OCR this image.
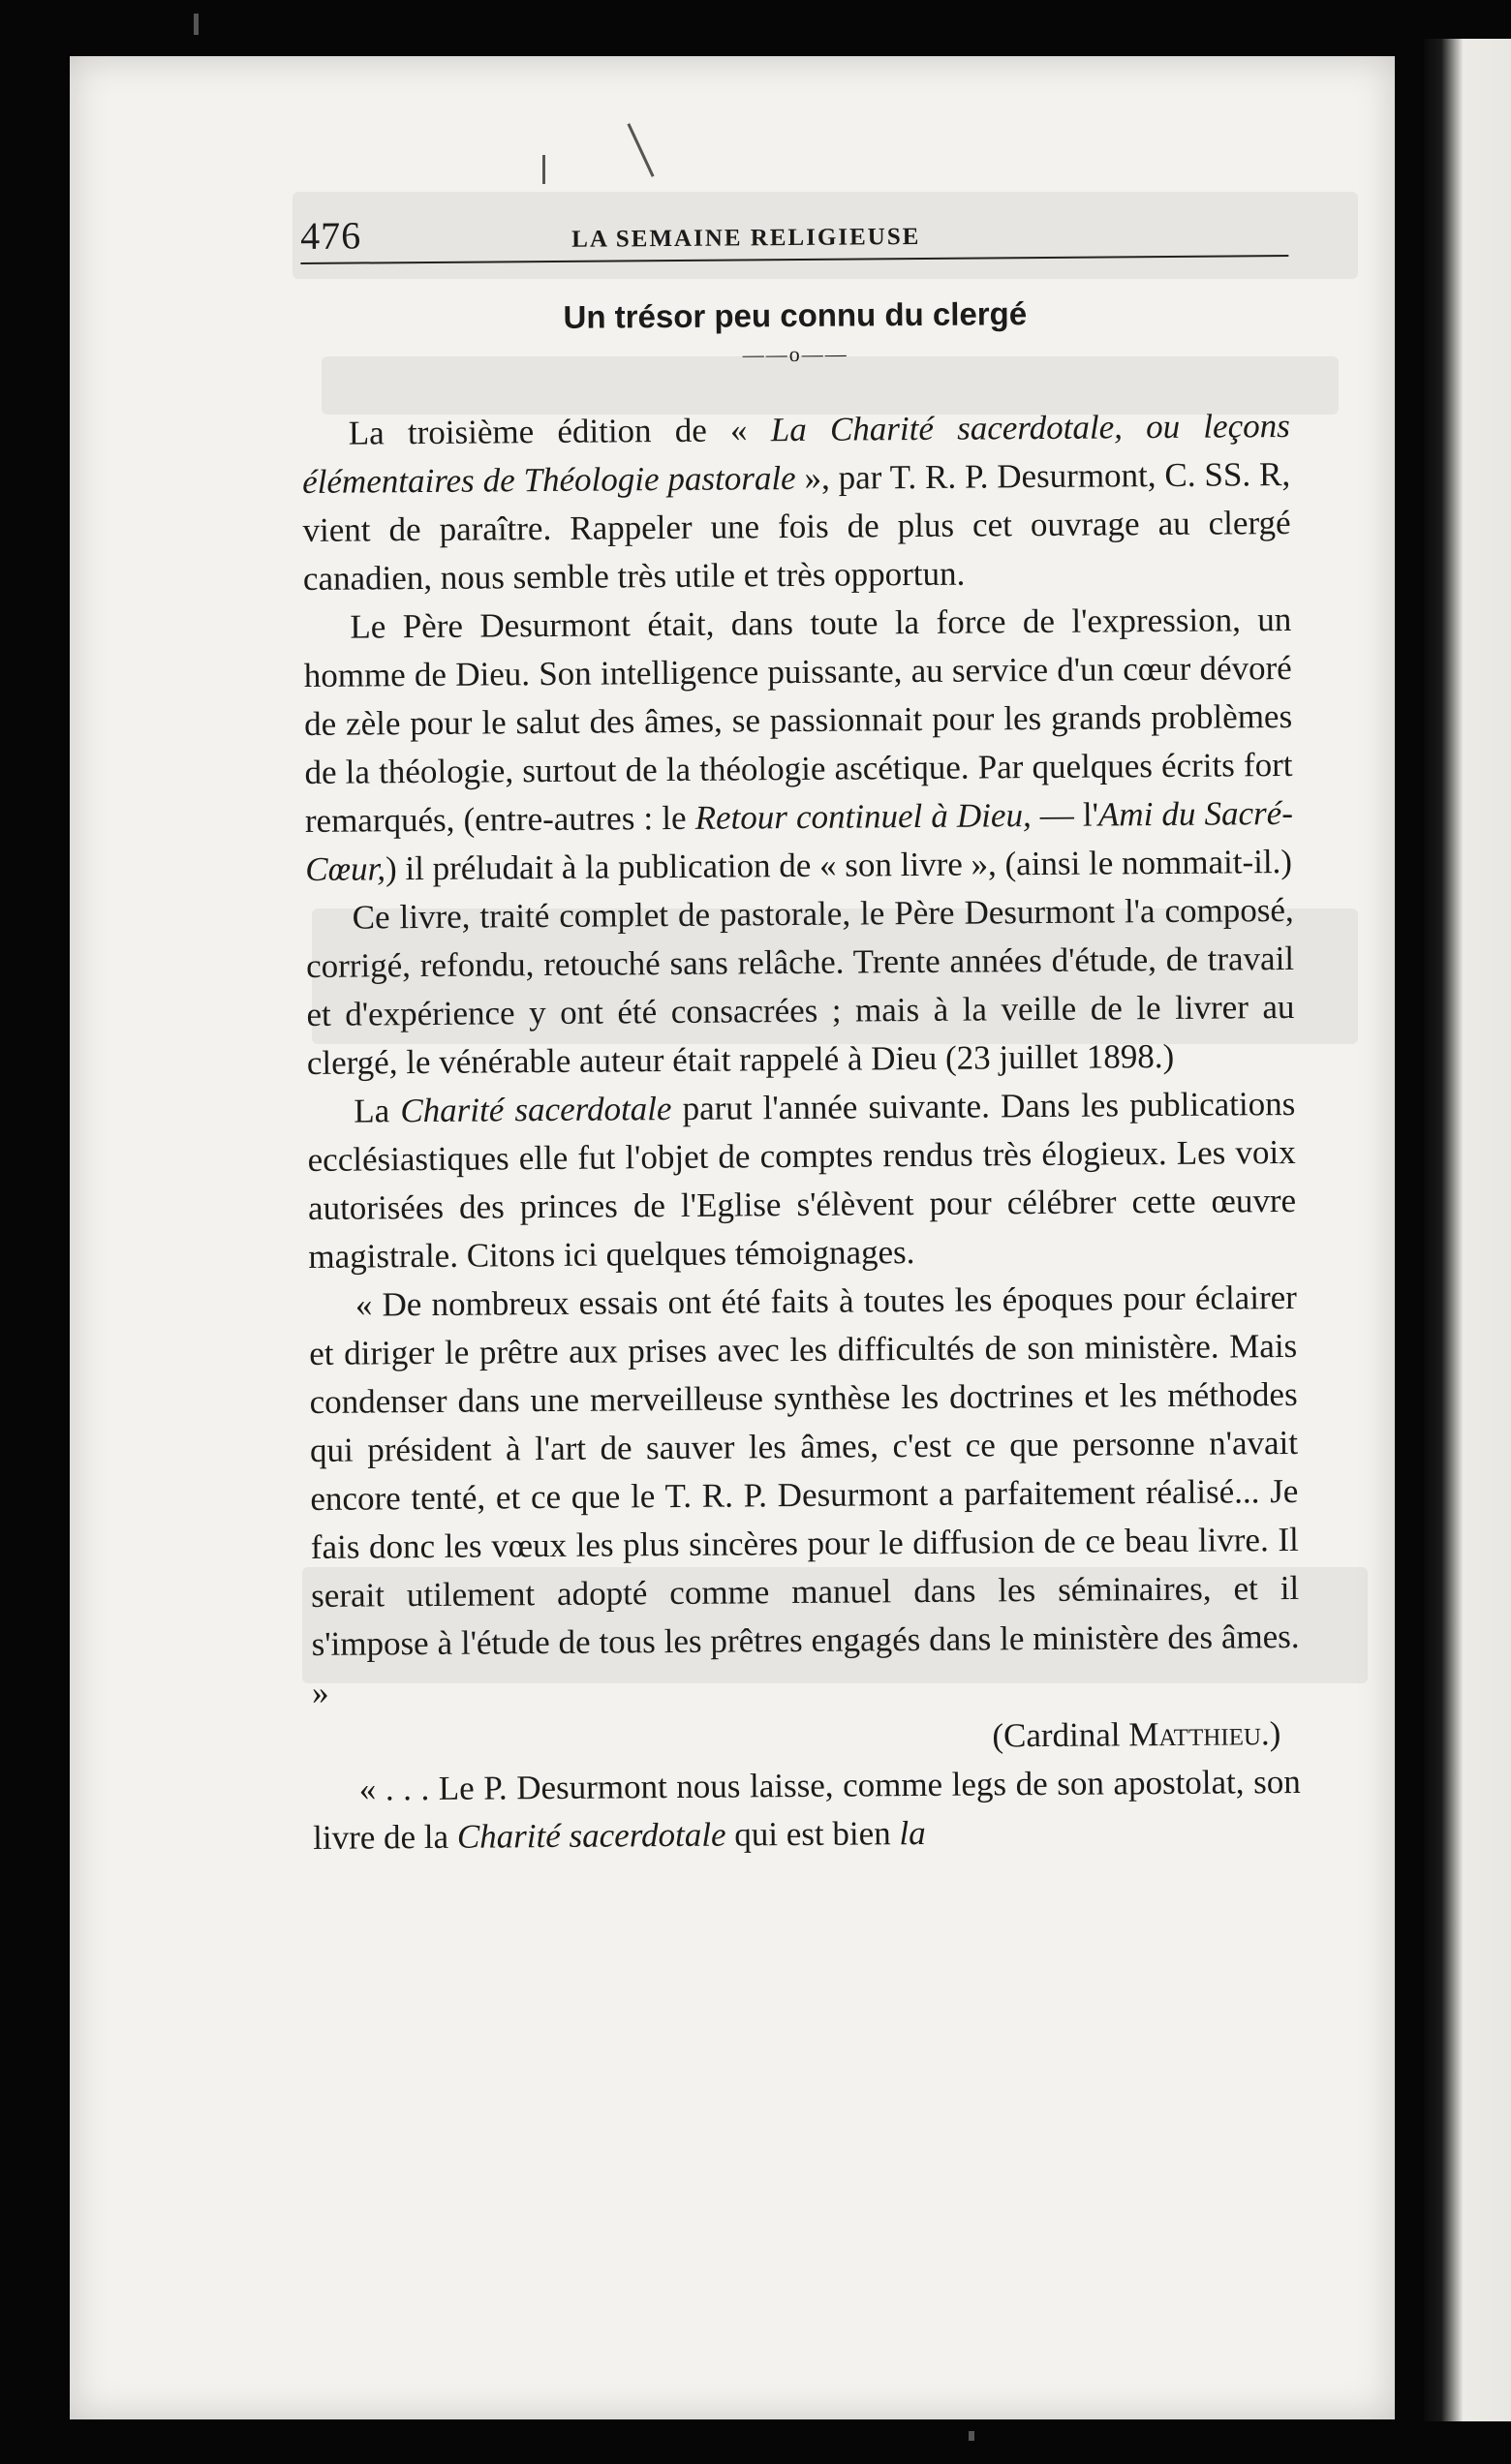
476	LA SEMAINE RELIGIEUSE
Un trésor peu connu du clergé
——o——

La troisième édition de « La Charité sacerdotale, ou leçons élémentaires de Théologie pastorale », par T. R. P. Desurmont, C. SS. R, vient de paraître. Rappeler une fois de plus cet ouvrage au clergé canadien, nous semble très utile et très opportun.

Le Père Desurmont était, dans toute la force de l'expression, un homme de Dieu. Son intelligence puissante, au service d'un cœur dévoré de zèle pour le salut des âmes, se passionnait pour les grands problèmes de la théologie, surtout de la théologie ascétique. Par quelques écrits fort remarqués, (entre-autres : le Retour continuel à Dieu, — l'Ami du Sacré-Cœur,) il préludait à la publication de « son livre », (ainsi le nommait-il.)

Ce livre, traité complet de pastorale, le Père Desurmont l'a composé, corrigé, refondu, retouché sans relâche. Trente années d'étude, de travail et d'expérience y ont été consacrées ; mais à la veille de le livrer au clergé, le vénérable auteur était rappelé à Dieu (23 juillet 1898.)

La Charité sacerdotale parut l'année suivante. Dans les publications ecclésiastiques elle fut l'objet de comptes rendus très élogieux. Les voix autorisées des princes de l'Eglise s'élèvent pour célébrer cette œuvre magistrale. Citons ici quelques témoignages.

« De nombreux essais ont été faits à toutes les époques pour éclairer et diriger le prêtre aux prises avec les difficultés de son ministère. Mais condenser dans une merveilleuse synthèse les doctrines et les méthodes qui président à l'art de sauver les âmes, c'est ce que personne n'avait encore tenté, et ce que le T. R. P. Desurmont a parfaitement réalisé... Je fais donc les vœux les plus sincères pour le diffusion de ce beau livre. Il serait utilement adopté comme manuel dans les séminaires, et il s'impose à l'étude de tous les prêtres engagés dans le ministère des âmes. »

(Cardinal Matthieu.)

« . . . Le P. Desurmont nous laisse, comme legs de son apostolat, son livre de la Charité sacerdotale qui est bien la
